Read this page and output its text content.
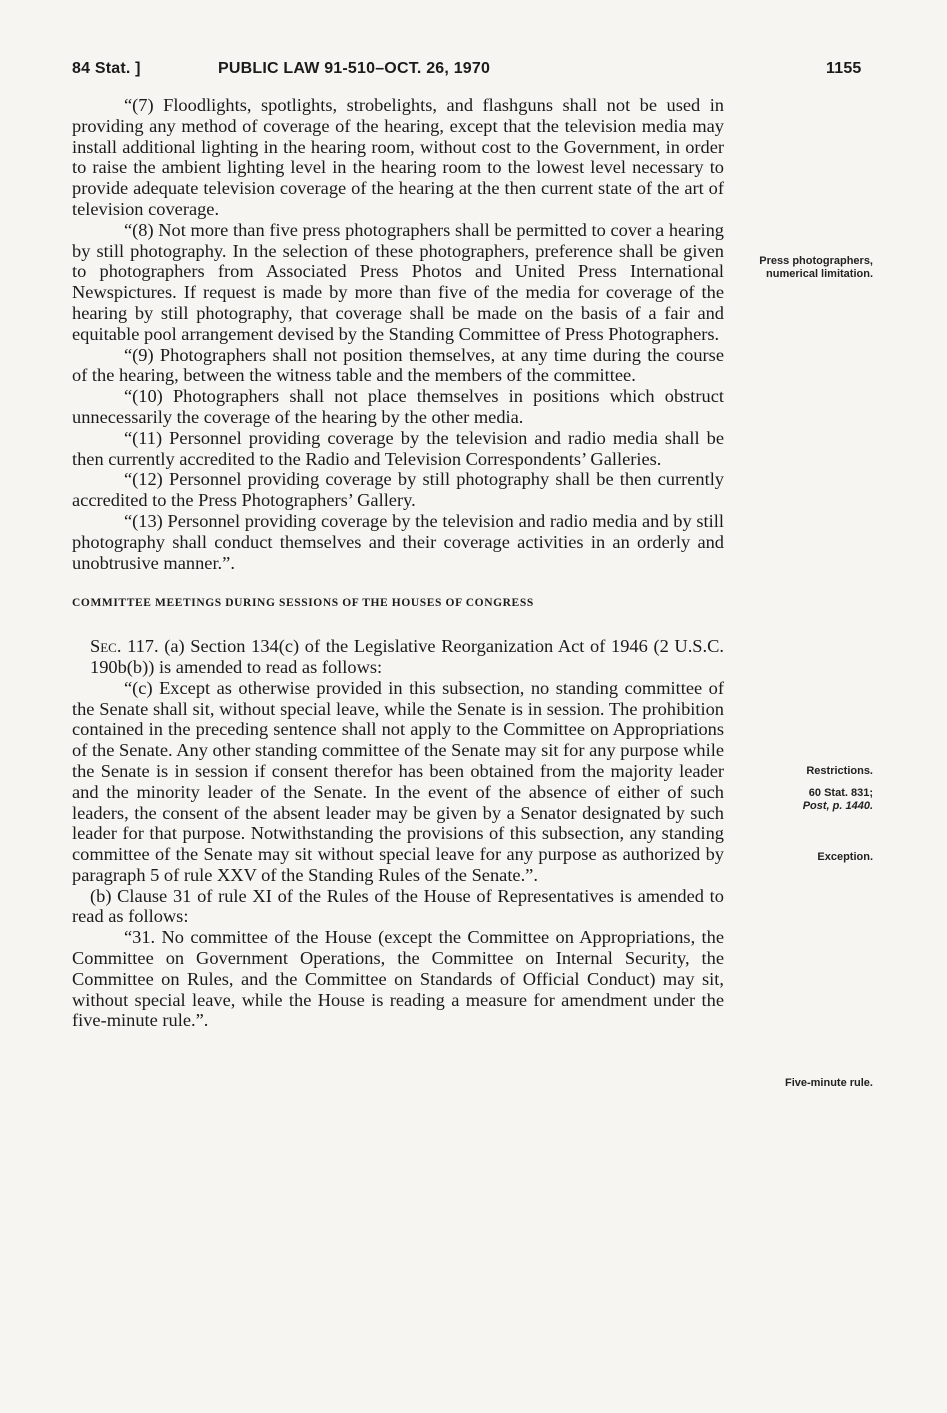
84 Stat. ]	PUBLIC LAW 91-510–OCT. 26, 1970	1155

“(7) Floodlights, spotlights, strobelights, and flashguns shall not be used in providing any method of coverage of the hearing, except that the television media may install additional lighting in the hearing room, without cost to the Government, in order to raise the ambient lighting level in the hearing room to the lowest level necessary to provide adequate television coverage of the hearing at the then current state of the art of television coverage.

“(8) Not more than five press photographers shall be permitted to cover a hearing by still photography. In the selection of these photographers, preference shall be given to photographers from Associated Press Photos and United Press International Newspictures. If request is made by more than five of the media for coverage of the hearing by still photography, that coverage shall be made on the basis of a fair and equitable pool arrangement devised by the Standing Committee of Press Photographers.

“(9) Photographers shall not position themselves, at any time during the course of the hearing, between the witness table and the members of the committee.

“(10) Photographers shall not place themselves in positions which obstruct unnecessarily the coverage of the hearing by the other media.

“(11) Personnel providing coverage by the television and radio media shall be then currently accredited to the Radio and Television Correspondents’ Galleries.

“(12) Personnel providing coverage by still photography shall be then currently accredited to the Press Photographers’ Gallery.

“(13) Personnel providing coverage by the television and radio media and by still photography shall conduct themselves and their coverage activities in an orderly and unobtrusive manner.”.

COMMITTEE MEETINGS DURING SESSIONS OF THE HOUSES OF CONGRESS

Sec. 117. (a) Section 134(c) of the Legislative Reorganization Act of 1946 (2 U.S.C. 190b(b)) is amended to read as follows:

“(c) Except as otherwise provided in this subsection, no standing committee of the Senate shall sit, without special leave, while the Senate is in session. The prohibition contained in the preceding sentence shall not apply to the Committee on Appropriations of the Senate. Any other standing committee of the Senate may sit for any purpose while the Senate is in session if consent therefor has been obtained from the majority leader and the minority leader of the Senate. In the event of the absence of either of such leaders, the consent of the absent leader may be given by a Senator designated by such leader for that purpose. Notwithstanding the provisions of this subsection, any standing committee of the Senate may sit without special leave for any purpose as authorized by paragraph 5 of rule XXV of the Standing Rules of the Senate.”.

(b) Clause 31 of rule XI of the Rules of the House of Representatives is amended to read as follows:

“31. No committee of the House (except the Committee on Appropriations, the Committee on Government Operations, the Committee on Internal Security, the Committee on Rules, and the Committee on Standards of Official Conduct) may sit, without special leave, while the House is reading a measure for amendment under the five-minute rule.”.

Press photographers, numerical limitation.
Restrictions.
60 Stat. 831;
Post, p. 1440.
Exception.
Five-minute rule.
